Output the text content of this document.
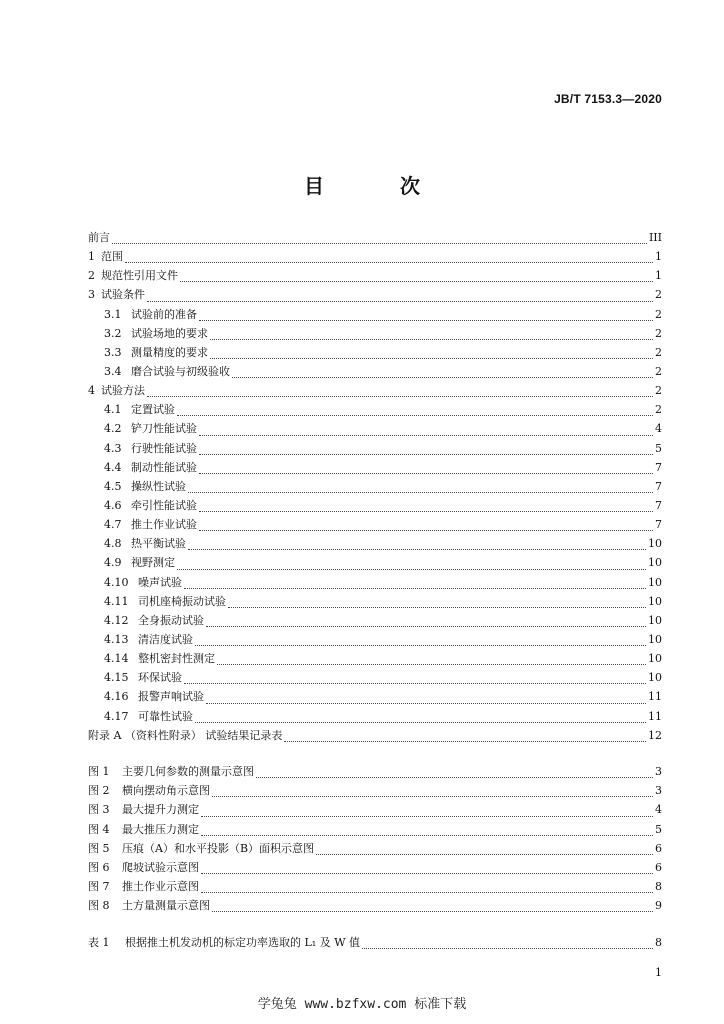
JB/T 7153.3—2020
目　次
前言	III
1 范围	1
2 规范性引用文件	1
3 试验条件	2
3.1 试验前的准备	2
3.2 试验场地的要求	2
3.3 测量精度的要求	2
3.4 磨合试验与初级验收	2
4 试验方法	2
4.1 定置试验	2
4.2 铲刀性能试验	4
4.3 行驶性能试验	5
4.4 制动性能试验	7
4.5 操纵性试验	7
4.6 牵引性能试验	7
4.7 推土作业试验	7
4.8 热平衡试验	10
4.9 视野测定	10
4.10 噪声试验	10
4.11 司机座椅振动试验	10
4.12 全身振动试验	10
4.13 清洁度试验	10
4.14 整机密封性测定	10
4.15 环保试验	10
4.16 报警声响试验	11
4.17 可靠性试验	11
附录 A （资料性附录） 试验结果记录表	12
图 1	主要几何参数的测量示意图	3
图 2	横向摆动角示意图	3
图 3	最大提升力测定	4
图 4	最大推压力测定	5
图 5	压痕（A）和水平投影（B）面积示意图	6
图 6	爬坡试验示意图	6
图 7	推土作业示意图	8
图 8	土方量测量示意图	9
表 1	根据推土机发动机的标定功率选取的 L₁ 及 W 值	8
1
学兔兔 www.bzfxw.com 标准下载
